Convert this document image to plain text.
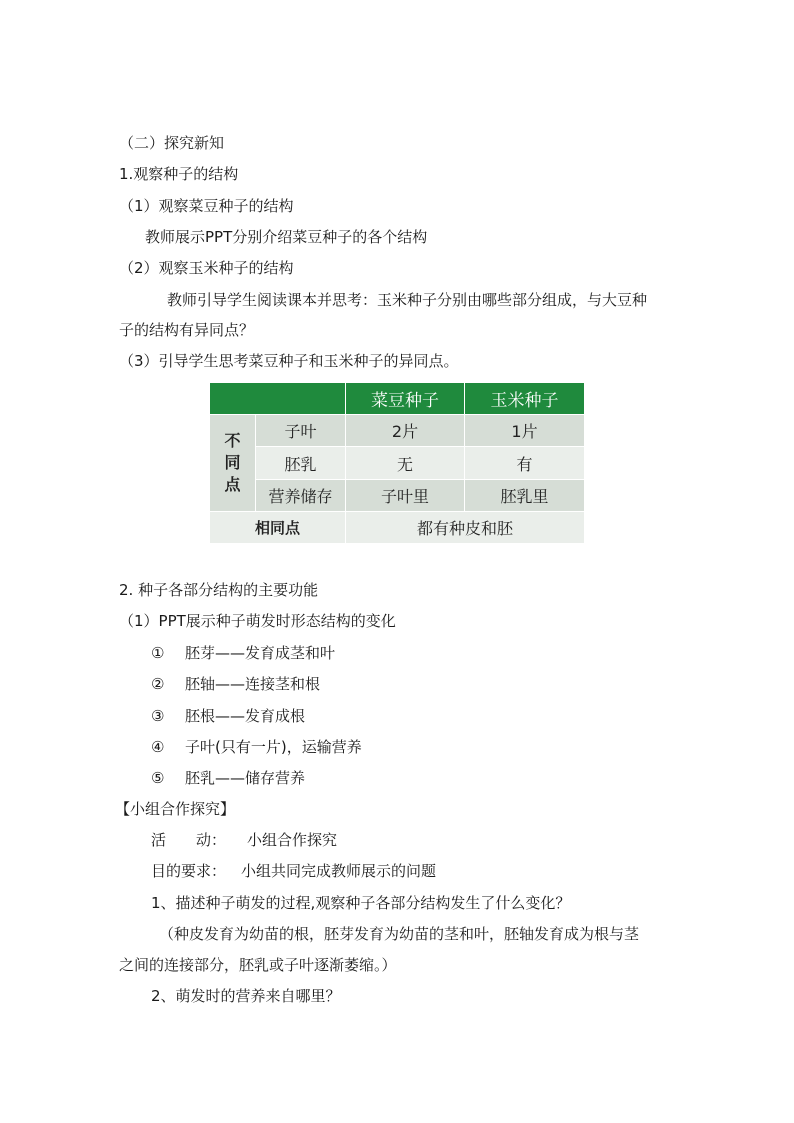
（二）探究新知
1.观察种子的结构
（1）观察菜豆种子的结构
教师展示PPT分别介绍菜豆种子的各个结构
（2）观察玉米种子的结构
教师引导学生阅读课本并思考：玉米种子分别由哪些部分组成，与大豆种
子的结构有异同点？
（3）引导学生思考菜豆种子和玉米种子的异同点。
		菜豆种子	玉米种子

不
同
点	子叶	2片	1片
	胚乳	无	有
	营养储存	子叶里	胚乳里
相同点		都有种皮和胚	
2. 种子各部分结构的主要功能
（1）PPT展示种子萌发时形态结构的变化
① 胚芽——发育成茎和叶
② 胚轴——连接茎和根
③ 胚根——发育成根
④ 子叶(只有一片)，运输营养
⑤ 胚乳——储存营养
【小组合作探究】
活　　动： 小组合作探究
目的要求： 小组共同完成教师展示的问题
1、描述种子萌发的过程,观察种子各部分结构发生了什么变化？
（种皮发育为幼苗的根，胚芽发育为幼苗的茎和叶，胚轴发育成为根与茎
之间的连接部分，胚乳或子叶逐渐萎缩。）
2、萌发时的营养来自哪里？
